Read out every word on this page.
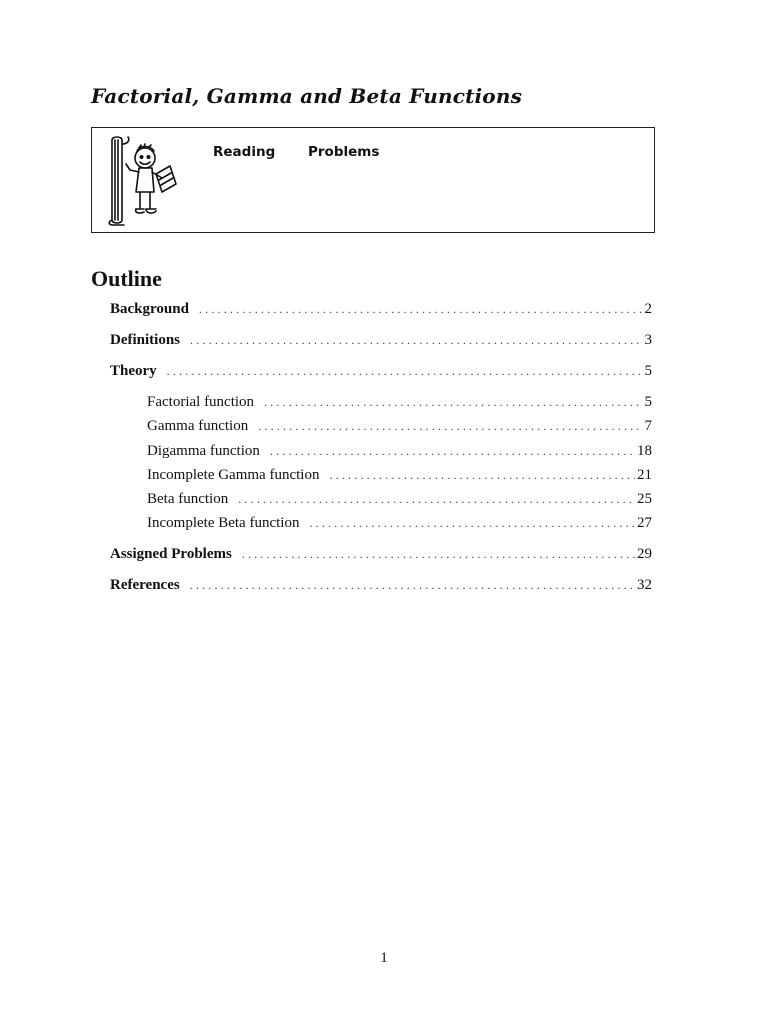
Factorial, Gamma and Beta Functions
Reading Problems
Outline
Background .....	2
Definitions .....	3
Theory .....	5
Factorial function .....	5
Gamma function .....	7
Digamma function .....	18
Incomplete Gamma function .....	21
Beta function .....	25
Incomplete Beta function .....	27
Assigned Problems .....	29
References .....	32
1
